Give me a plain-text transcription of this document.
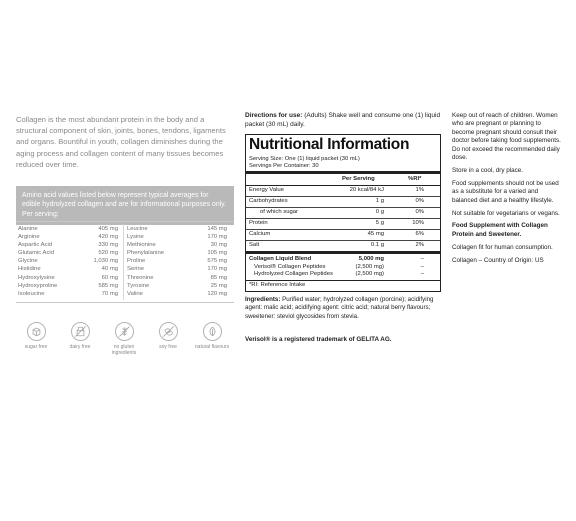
Collagen is the most abundant protein in the body and a structural component of skin, joints, bones, tendons, ligaments and organs. Bountiful in youth, collagen diminishes during the aging process and collagen content of many tissues becomes reduced over time.

Amino acid values listed below represent typical averages for edible hydrolyzed collagen and are for informational purposes only. Per serving:
Alanine	405 mg
Arginine	420 mg
Aspartic Acid	330 mg
Glutamic Acid	520 mg
Glycine	1,030 mg
Histidine	40 mg
Hydroxylysine	60 mg
Hydroxyproline	585 mg
Isoleucine	70 mg
Leucine	145 mg
Lysine	170 mg
Methionine	30 mg
Phenylalanine	105 mg
Proline	575 mg
Serine	170 mg
Threonine	85 mg
Tyrosine	25 mg
Valine	120 mg
sugar free	dairy free	no gluten ingredients
soy free	natural flavours
Directions for use: (Adults) Shake well and consume one (1) liquid packet (30 mL) daily.
Nutritional Information
Serving Size: One (1) liquid packet (30 mL)
Servings Per Container: 30
Per Serving	%RI*
Energy Value	20 kcal/84 kJ	1%
Carbohydrates	1 g	0%
of which sugar	0 g	0%
Protein	5 g	10%
Calcium	45 mg	6%
Salt	0.1 g	2%
Collagen Liquid Blend	5,000 mg	–
Verisol® Collagen Peptides	(2,500 mg)	–
Hydrolyzed Collagen Peptides	(2,500 mg)	–
*RI: Reference Intake
Ingredients: Purified water; hydrolyzed collagen (porcine); acidifying agent: malic acid; acidifying agent: citric acid; natural berry flavours; sweetener: steviol glycosides from stevia.
Verisol® is a registered trademark of GELITA AG.

Keep out of reach of children. Women who are pregnant or planning to become pregnant should consult their doctor before taking food supplements. Do not exceed the recommended daily dose.

Store in a cool, dry place.

Food supplements should not be used as a substitute for a varied and balanced diet and a healthy lifestyle.

Not suitable for vegetarians or vegans.

Food Supplement with Collagen Protein and Sweetener.

Collagen fit for human consumption.

Collagen – Country of Origin: US
